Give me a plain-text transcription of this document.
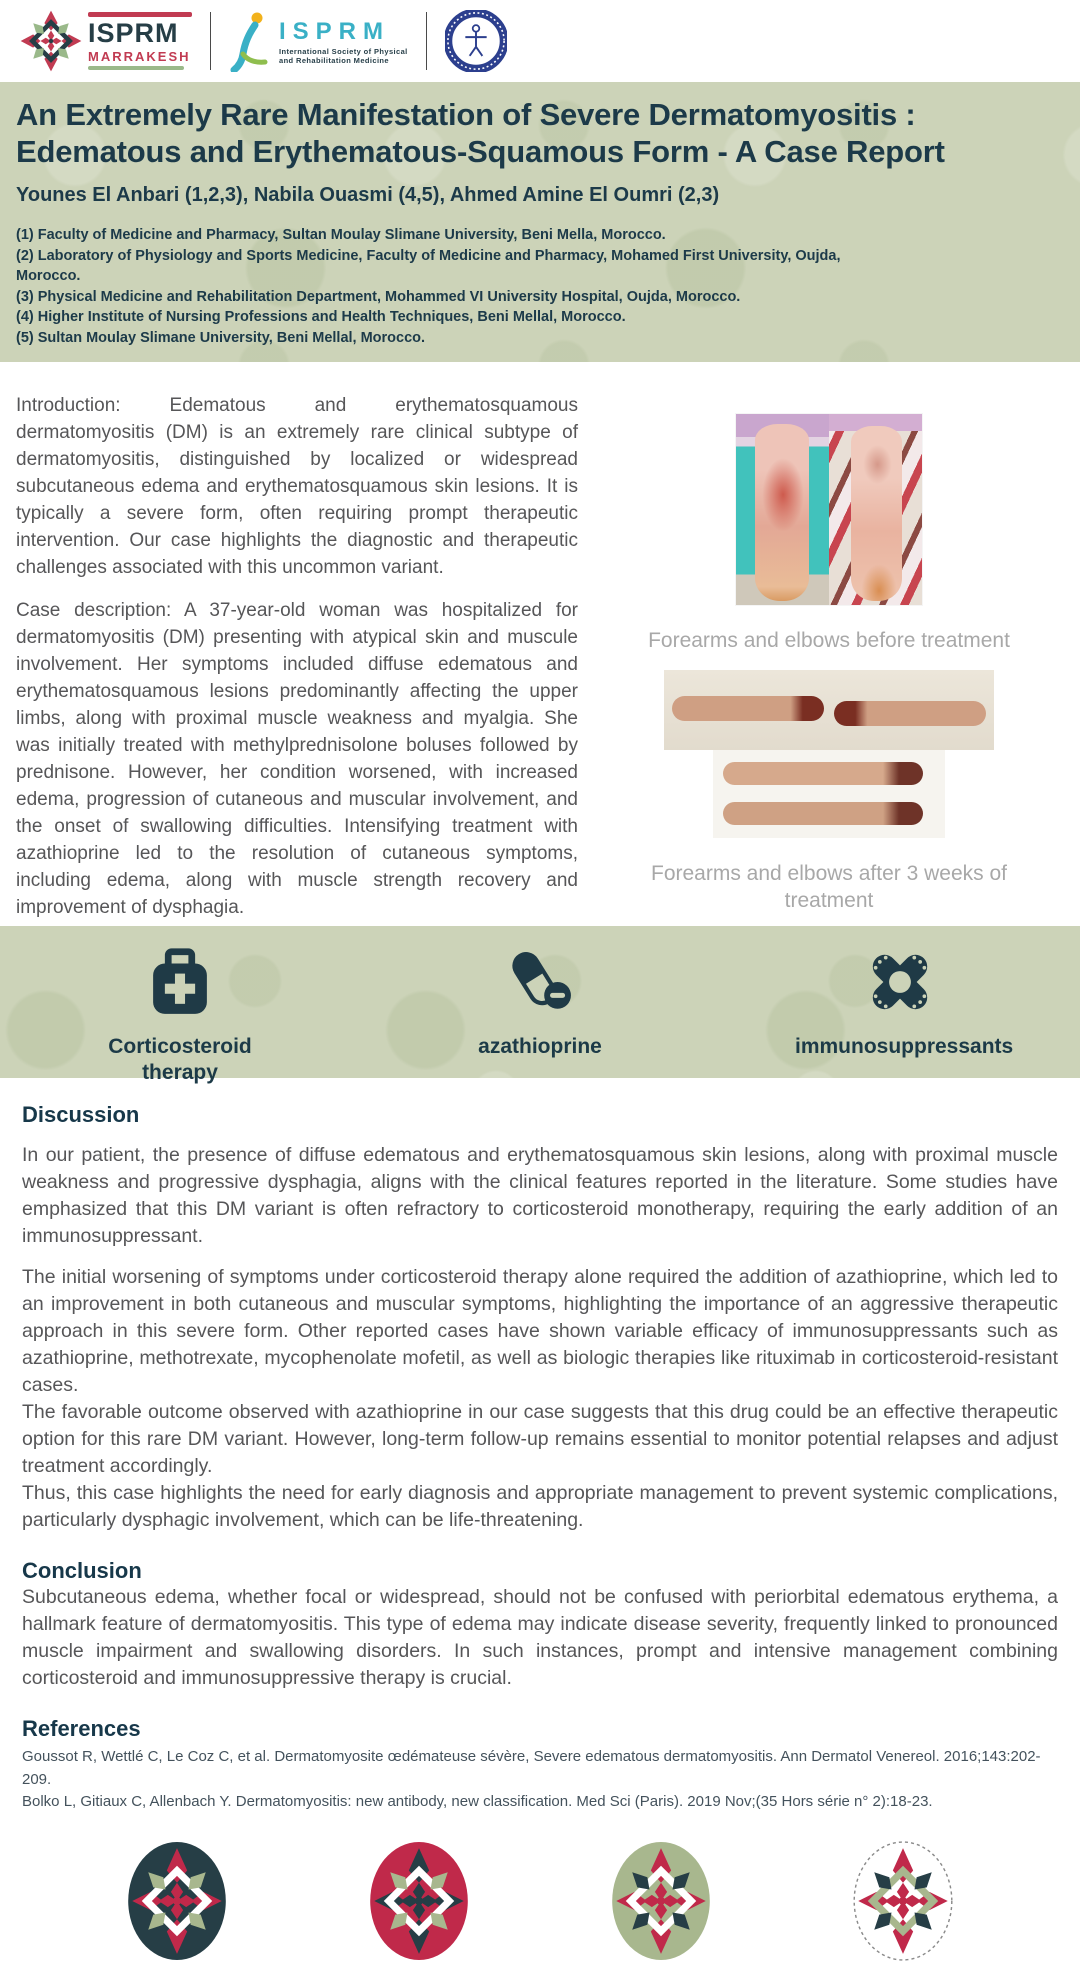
ISPRM
MARRAKESH
ISPRM
International Society of Physical
and Rehabilitation Medicine	SOMAREF
An Extremely Rare Manifestation of Severe Dermatomyositis :
Edematous and Erythematous-Squamous Form - A Case Report
Younes El Anbari (1,2,3), Nabila Ouasmi (4,5), Ahmed Amine El Oumri (2,3)
(1) Faculty of Medicine and Pharmacy, Sultan Moulay Slimane University, Beni Mella, Morocco.
(2) Laboratory of Physiology and Sports Medicine, Faculty of Medicine and Pharmacy, Mohamed First University, Oujda, Morocco.
(3) Physical Medicine and Rehabilitation Department, Mohammed VI University Hospital, Oujda, Morocco.
(4) Higher Institute of Nursing Professions and Health Techniques, Beni Mellal, Morocco.
(5) Sultan Moulay Slimane University, Beni Mellal, Morocco.

Introduction: Edematous and erythematosquamous dermatomyositis (DM) is an extremely rare clinical subtype of dermatomyositis, distinguished by localized or widespread subcutaneous edema and erythematosquamous skin lesions. It is typically a severe form, often requiring prompt therapeutic intervention. Our case highlights the diagnostic and therapeutic challenges associated with this uncommon variant.

Case description: A 37-year-old woman was hospitalized for dermatomyositis (DM) presenting with atypical skin and muscule involvement. Her symptoms included diffuse edematous and erythematosquamous lesions predominantly affecting the upper limbs, along with proximal muscle weakness and myalgia. She was initially treated with methylprednisolone boluses followed by prednisone. However, her condition worsened, with increased edema, progression of cutaneous and muscular involvement, and the onset of swallowing difficulties. Intensifying treatment with azathioprine led to the resolution of cutaneous symptoms, including edema, along with muscle strength recovery and improvement of dysphagia.

Forearms and elbows before treatment
Forearms and elbows after 3 weeks of treatment
Corticosteroid therapy
azathioprine	immunosuppressants
Discussion

In our patient, the presence of diffuse edematous and erythematosquamous skin lesions, along with proximal muscle weakness and progressive dysphagia, aligns with the clinical features reported in the literature. Some studies have emphasized that this DM variant is often refractory to corticosteroid monotherapy, requiring the early addition of an immunosuppressant.

The initial worsening of symptoms under corticosteroid therapy alone required the addition of azathioprine, which led to an improvement in both cutaneous and muscular symptoms, highlighting the importance of an aggressive therapeutic approach in this severe form. Other reported cases have shown variable efficacy of immunosuppressants such as azathioprine, methotrexate, mycophenolate mofetil, as well as biologic therapies like rituximab in corticosteroid-resistant cases.

The favorable outcome observed with azathioprine in our case suggests that this drug could be an effective therapeutic option for this rare DM variant. However, long-term follow-up remains essential to monitor potential relapses and adjust treatment accordingly.

Thus, this case highlights the need for early diagnosis and appropriate management to prevent systemic complications, particularly dysphagic involvement, which can be life-threatening.

Conclusion

Subcutaneous edema, whether focal or widespread, should not be confused with periorbital edematous erythema, a hallmark feature of dermatomyositis. This type of edema may indicate disease severity, frequently linked to pronounced muscle impairment and swallowing disorders. In such instances, prompt and intensive management combining corticosteroid and immunosuppressive therapy is crucial.

References
Goussot R, Wettlé C, Le Coz C, et al. Dermatomyosite œdémateuse sévère, Severe edematous dermatomyositis. Ann Dermatol Venereol. 2016;143:202-209.
Bolko L, Gitiaux C, Allenbach Y. Dermatomyositis: new antibody, new classification. Med Sci (Paris). 2019 Nov;(35 Hors série n° 2):18-23.
